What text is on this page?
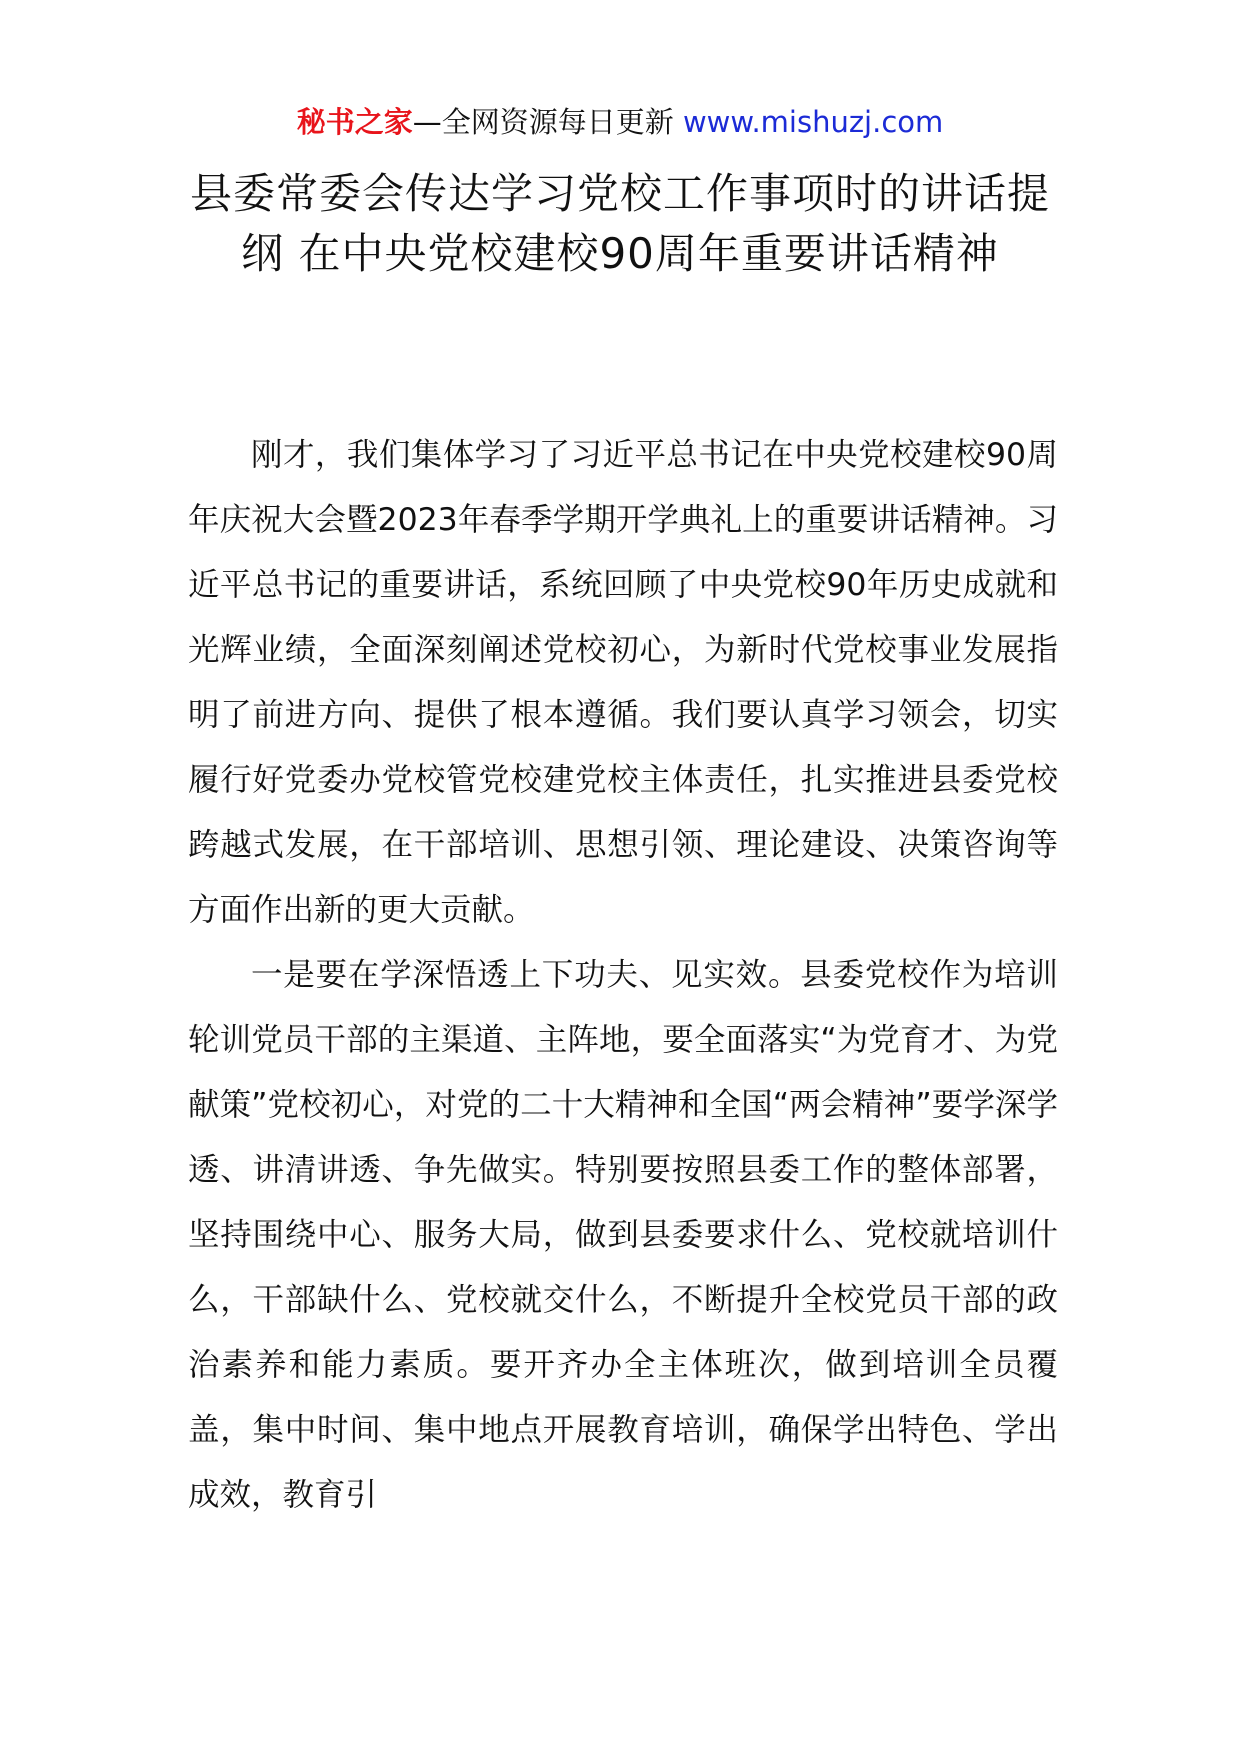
秘书之家—全网资源每日更新 www.mishuzj.com
县委常委会传达学习党校工作事项时的讲话提纲 在中央党校建校90周年重要讲话精神

刚才，我们集体学习了习近平总书记在中央党校建校90周年庆祝大会暨2023年春季学期开学典礼上的重要讲话精神。习近平总书记的重要讲话，系统回顾了中央党校90年历史成就和光辉业绩，全面深刻阐述党校初心，为新时代党校事业发展指明了前进方向、提供了根本遵循。我们要认真学习领会，切实履行好党委办党校管党校建党校主体责任，扎实推进县委党校跨越式发展，在干部培训、思想引领、理论建设、决策咨询等方面作出新的更大贡献。

一是要在学深悟透上下功夫、见实效。县委党校作为培训轮训党员干部的主渠道、主阵地，要全面落实“为党育才、为党献策”党校初心，对党的二十大精神和全国“两会精神”要学深学透、讲清讲透、争先做实。特别要按照县委工作的整体部署，坚持围绕中心、服务大局，做到县委要求什么、党校就培训什么，干部缺什么、党校就交什么，不断提升全校党员干部的政治素养和能力素质。要开齐办全主体班次，做到培训全员覆盖，集中时间、集中地点开展教育培训，确保学出特色、学出成效，教育引
